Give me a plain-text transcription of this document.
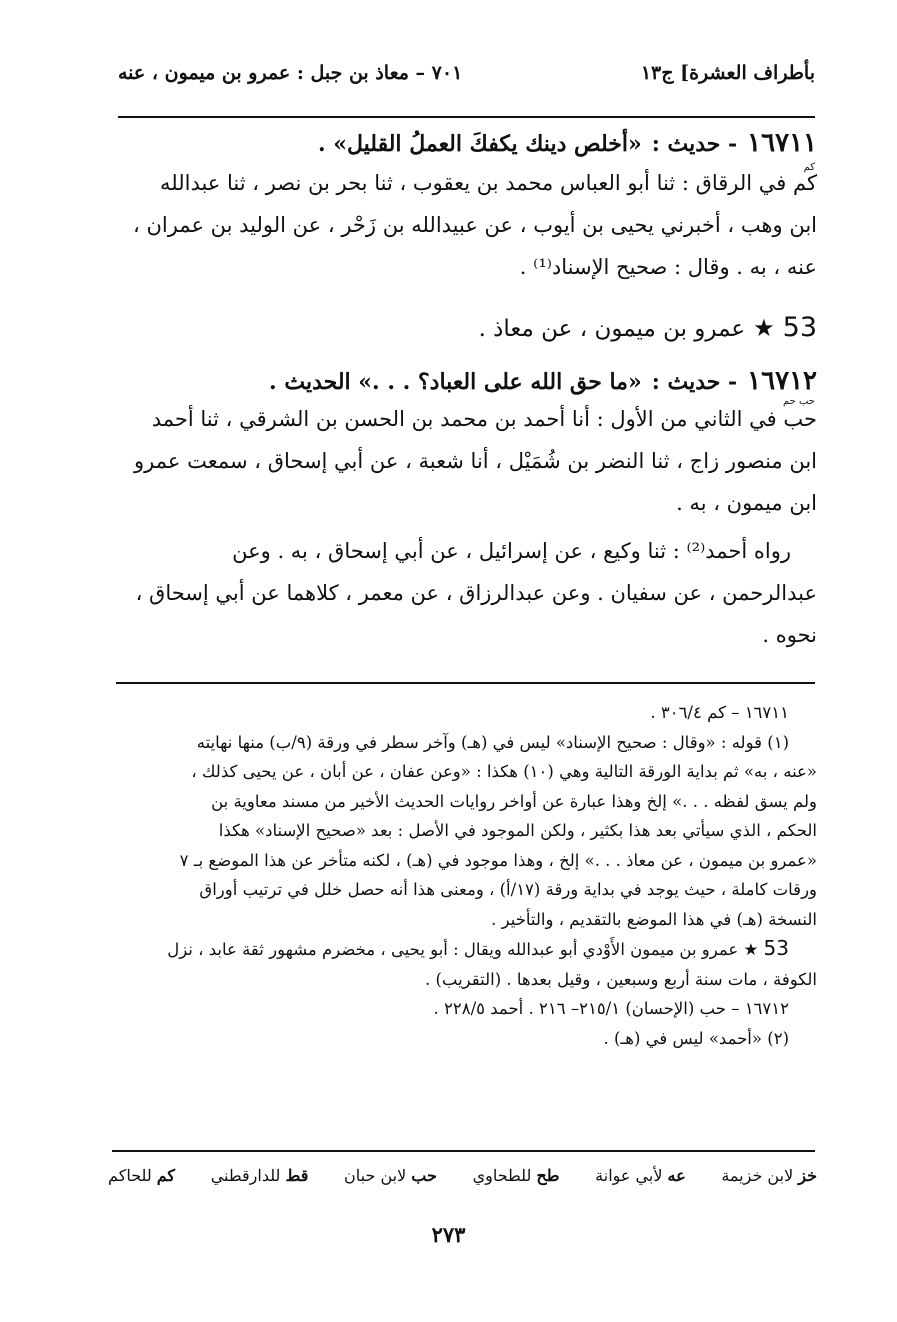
بأطراف العشرة] ج١٣
٧٠١ – معاذ بن جبل : عمرو بن ميمون ، عنه
١٦٧١١
- حديث :
«أخلص دينك يكفكَ العملُ القليل» .
كم
كم في الرقاق : ثنا أبو العباس محمد بن يعقوب ، ثنا بحر بن نصر ، ثنا عبدالله
ابن وهب ، أخبرني يحيى بن أيوب ، عن عبيدالله بن زَحْر ، عن الوليد بن عمران ،
عنه ، به . وقال : صحيح الإسناد⁽¹⁾ .
53
★
عمرو بن ميمون ، عن معاذ .
١٦٧١٢
- حديث :
«ما حق الله على العباد؟ . . .» الحديث .
حب حم
حب في الثاني من الأول : أنا أحمد بن محمد بن الحسن بن الشرقي ، ثنا أحمد
ابن منصور زاج ، ثنا النضر بن شُمَيْل ، أنا شعبة ، عن أبي إسحاق ، سمعت عمرو
ابن ميمون ، به .
رواه أحمد⁽²⁾ : ثنا وكيع ، عن إسرائيل ، عن أبي إسحاق ، به . وعن
عبدالرحمن ، عن سفيان . وعن عبدالرزاق ، عن معمر ، كلاهما عن أبي إسحاق ،
نحوه .
١٦٧١١ – كم ٣٠٦/٤ .
(١) قوله : «وقال : صحيح الإسناد» ليس في (هـ) وآخر سطر في ورقة (٩/ب) منها نهايته
«عنه ، به» ثم بداية الورقة التالية وهي (١٠) هكذا : «وعن عفان ، عن أبان ، عن يحيى كذلك ،
ولم يسق لفظه . . .» إلخ وهذا عبارة عن أواخر روايات الحديث الأخير من مسند معاوية بن
الحكم ، الذي سيأتي بعد هذا بكثير ، ولكن الموجود في الأصل : بعد «صحيح الإسناد» هكذا
«عمرو بن ميمون ، عن معاذ . . .» إلخ ، وهذا موجود في (هـ) ، لكنه متأخر عن هذا الموضع بـ ٧
ورقات كاملة ، حيث يوجد في بداية ورقة (١٧/أ) ، ومعنى هذا أنه حصل خلل في ترتيب أوراق
النسخة (هـ) في هذا الموضع بالتقديم ، والتأخير .
53 ★ عمرو بن ميمون الأَوْدي أبو عبدالله ويقال : أبو يحيى ، مخضرم مشهور ثقة عابد ، نزل
الكوفة ، مات سنة أربع وسبعين ، وقيل بعدها . (التقريب) .
١٦٧١٢ – حب (الإحسان) ٢١٥/١– ٢١٦ . أحمد ٢٢٨/٥ .
(٢) «أحمد» ليس في (هـ) .
خز لابن خزيمة
عه لأبي عوانة
طح للطحاوي
حب لابن حبان
قط للدارقطني
كم للحاكم
٢٧٣
